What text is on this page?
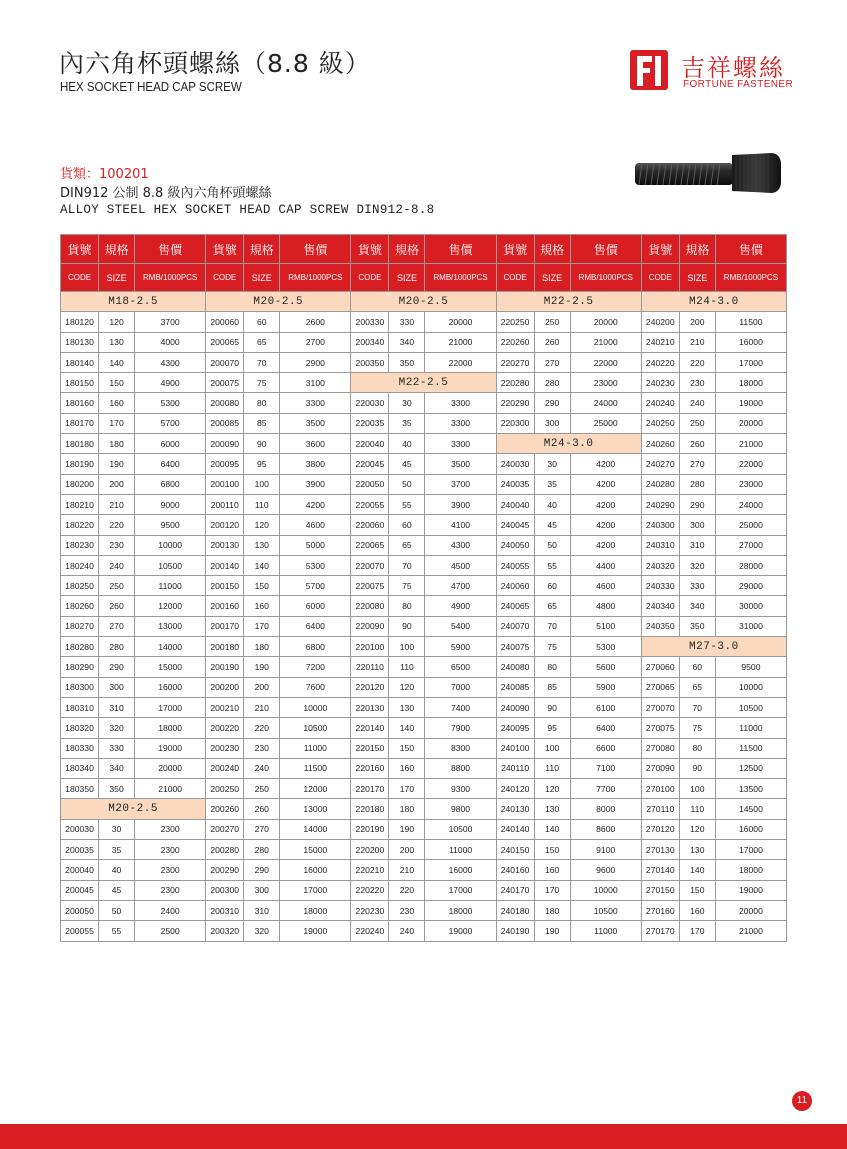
內六角杯頭螺絲（8.8 級）
HEX SOCKET HEAD CAP SCREW
吉祥螺絲
FORTUNE FASTENER
貨類：100201
DIN912 公制 8.8 級內六角杯頭螺絲
ALLOY STEEL HEX SOCKET HEAD CAP SCREW DIN912-8.8
貨號	規格	售價	貨號	規格	售價	貨號	規格	售價	貨號	規格	售價	貨號	規格	售價
CODE	SIZE	RMB/1000PCS	CODE	SIZE	RMB/1000PCS	CODE	SIZE	RMB/1000PCS	CODE	SIZE	RMB/1000PCS	CODE	SIZE	RMB/1000PCS
M18-2.5			M20-2.5			M20-2.5			M22-2.5			M24-3.0		
180120	120	3700	200060	60	2600	200330	330	20000	220250	250	20000	240200	200	11500
180130	130	4000	200065	65	2700	200340	340	21000	220260	260	21000	240210	210	16000
180140	140	4300	200070	70	2900	200350	350	22000	220270	270	22000	240220	220	17000
180150	150	4900	200075	75	3100	M22-2.5			220280	280	23000	240230	230	18000
180160	160	5300	200080	80	3300	220030	30	3300	220290	290	24000	240240	240	19000
180170	170	5700	200085	85	3500	220035	35	3300	220300	300	25000	240250	250	20000
180180	180	6000	200090	90	3600	220040	40	3300	M24-3.0			240260	260	21000
180190	190	6400	200095	95	3800	220045	45	3500	240030	30	4200	240270	270	22000
180200	200	6800	200100	100	3900	220050	50	3700	240035	35	4200	240280	280	23000
180210	210	9000	200110	110	4200	220055	55	3900	240040	40	4200	240290	290	24000
180220	220	9500	200120	120	4600	220060	60	4100	240045	45	4200	240300	300	25000
180230	230	10000	200130	130	5000	220065	65	4300	240050	50	4200	240310	310	27000
180240	240	10500	200140	140	5300	220070	70	4500	240055	55	4400	240320	320	28000
180250	250	11000	200150	150	5700	220075	75	4700	240060	60	4600	240330	330	29000
180260	260	12000	200160	160	6000	220080	80	4900	240065	65	4800	240340	340	30000
180270	270	13000	200170	170	6400	220090	90	5400	240070	70	5100	240350	350	31000
180280	280	14000	200180	180	6800	220100	100	5900	240075	75	5300	M27-3.0		
180290	290	15000	200190	190	7200	220110	110	6500	240080	80	5600	270060	60	9500
180300	300	16000	200200	200	7600	220120	120	7000	240085	85	5900	270065	65	10000
180310	310	17000	200210	210	10000	220130	130	7400	240090	90	6100	270070	70	10500
180320	320	18000	200220	220	10500	220140	140	7900	240095	95	6400	270075	75	11000
180330	330	19000	200230	230	11000	220150	150	8300	240100	100	6600	270080	80	11500
180340	340	20000	200240	240	11500	220160	160	8800	240110	110	7100	270090	90	12500
180350	350	21000	200250	250	12000	220170	170	9300	240120	120	7700	270100	100	13500
M20-2.5			200260	260	13000	220180	180	9800	240130	130	8000	270110	110	14500
200030	30	2300	200270	270	14000	220190	190	10500	240140	140	8600	270120	120	16000
200035	35	2300	200280	280	15000	220200	200	11000	240150	150	9100	270130	130	17000
200040	40	2300	200290	290	16000	220210	210	16000	240160	160	9600	270140	140	18000
200045	45	2300	200300	300	17000	220220	220	17000	240170	170	10000	270150	150	19000
200050	50	2400	200310	310	18000	220230	230	18000	240180	180	10500	270160	160	20000
200055	55	2500	200320	320	19000	220240	240	19000	240190	190	11000	270170	170	21000
11
